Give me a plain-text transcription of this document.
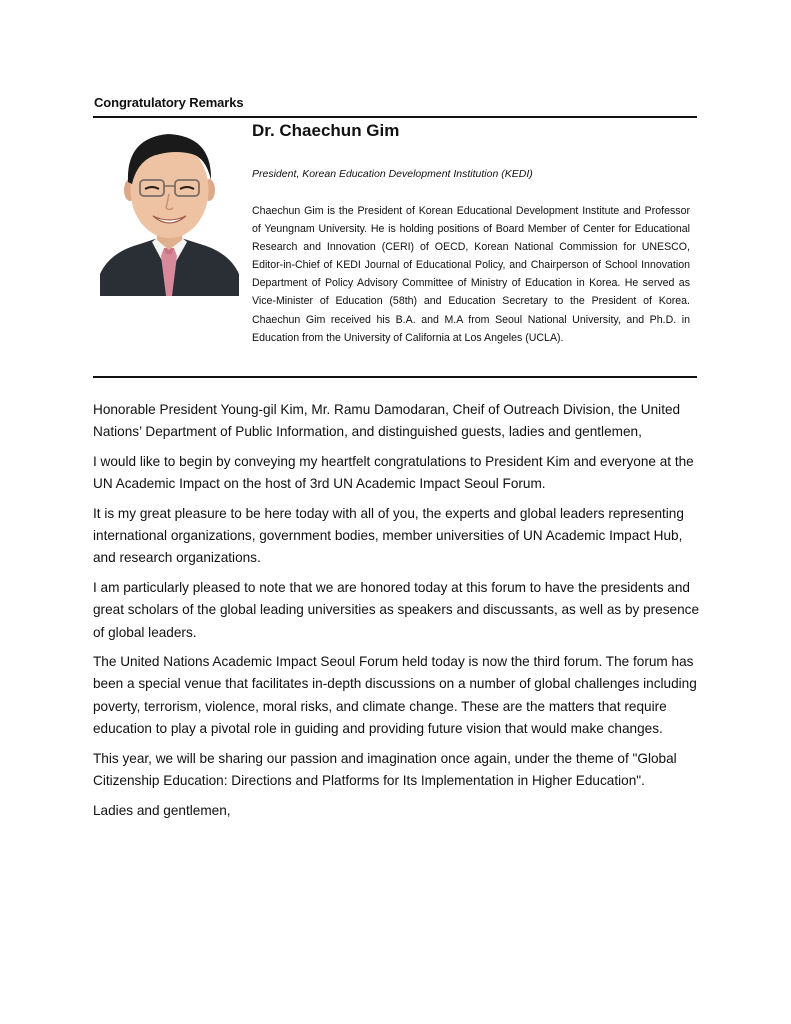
Congratulatory Remarks
Dr. Chaechun Gim
President, Korean Education Development Institution (KEDI)
Chaechun Gim is the President of Korean Educational Development Institute and Professor of Yeungnam University. He is holding positions of Board Member of Center for Educational Research and Innovation (CERI) of OECD, Korean National Commission for UNESCO, Editor-in-Chief of KEDI Journal of Educational Policy, and Chairperson of School Innovation Department of Policy Advisory Committee of Ministry of Education in Korea. He served as Vice-Minister of Education (58th) and Education Secretary to the President of Korea. Chaechun Gim received his B.A. and M.A from Seoul National University, and Ph.D. in Education from the University of California at Los Angeles (UCLA).

Honorable President Young-gil Kim, Mr. Ramu Damodaran, Cheif of Outreach Division, the United Nations’ Department of Public Information, and distinguished guests, ladies and gentlemen,

I would like to begin by conveying my heartfelt congratulations to President Kim and everyone at the UN Academic Impact on the host of 3rd UN Academic Impact Seoul Forum.

It is my great pleasure to be here today with all of you, the experts and global leaders representing international organizations, government bodies, member universities of UN Academic Impact Hub, and research organizations.

I am particularly pleased to note that we are honored today at this forum to have the presidents and great scholars of the global leading universities as speakers and discussants, as well as by presence of global leaders.

The United Nations Academic Impact Seoul Forum held today is now the third forum. The forum has been a special venue that facilitates in-depth discussions on a number of global challenges including poverty, terrorism, violence, moral risks, and climate change. These are the matters that require education to play a pivotal role in guiding and providing future vision that would make changes.

This year, we will be sharing our passion and imagination once again, under the theme of "Global Citizenship Education: Directions and Platforms for Its Implementation in Higher Education".

Ladies and gentlemen,
